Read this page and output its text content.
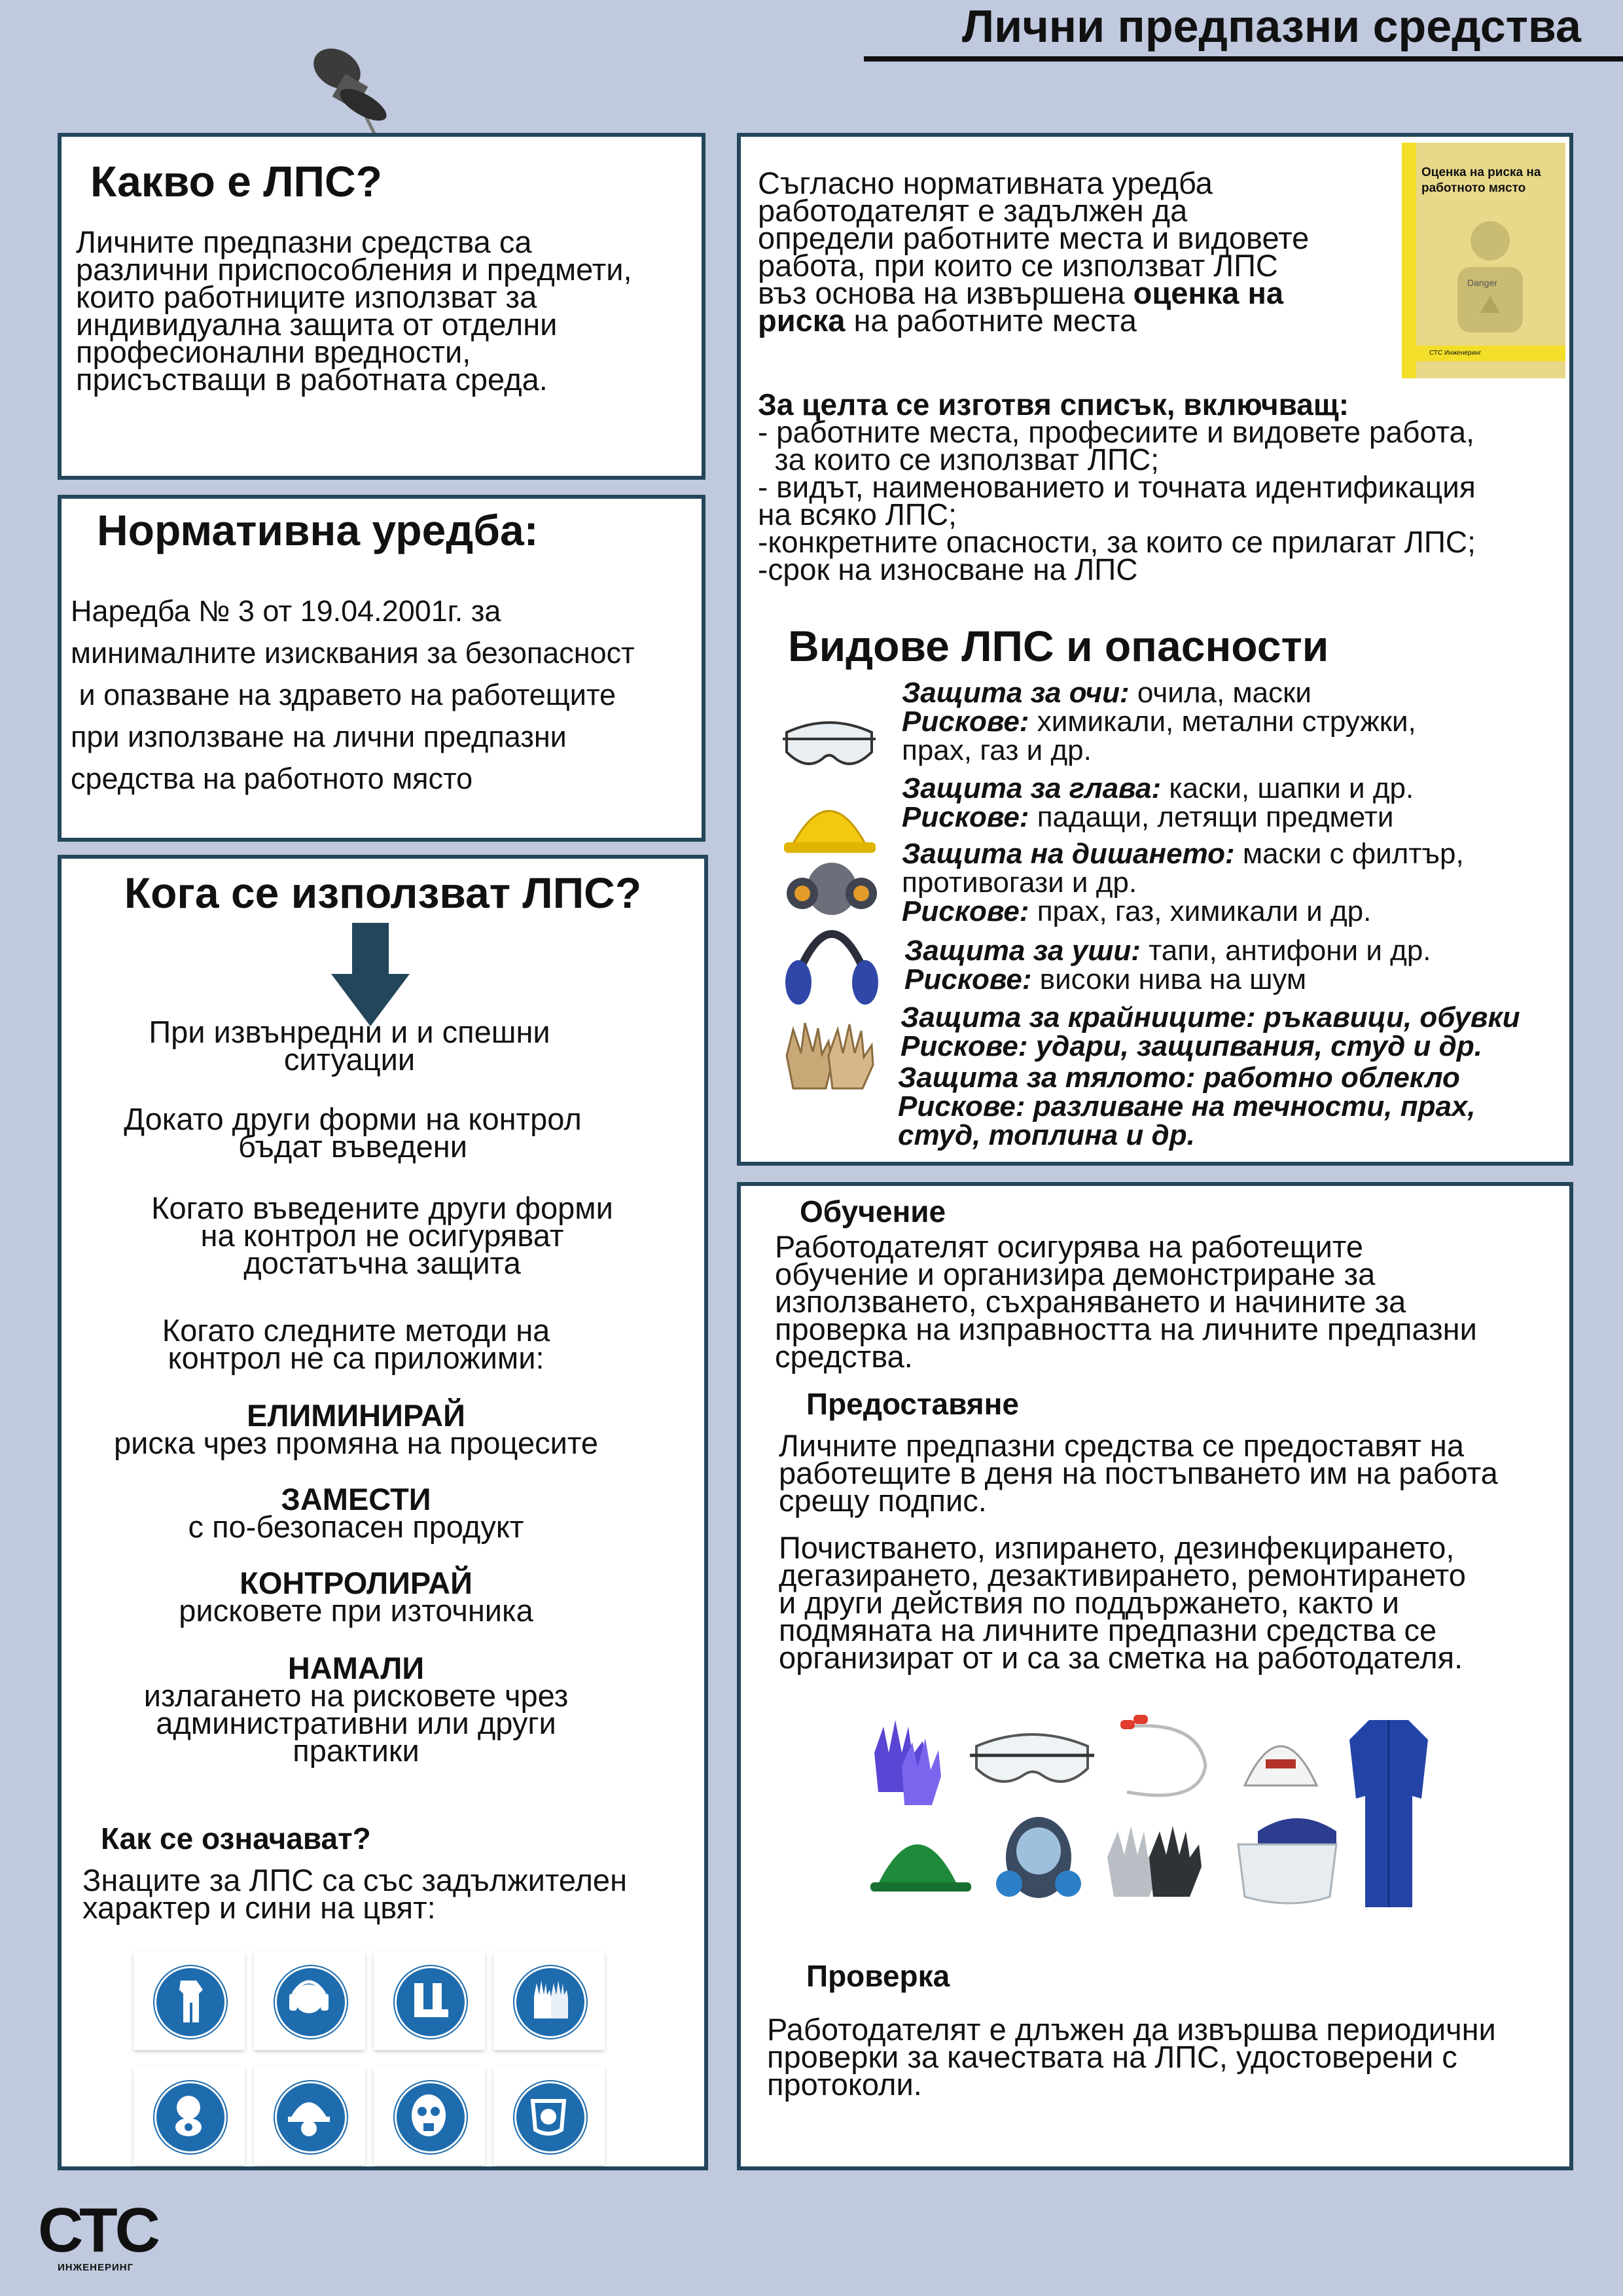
Лични предпазни средства
Какво е ЛПС?
Личните предпазни средства са
различни приспособления и предмети,
които работниците използват за
индивидуална защита от отделни
професионални вредности,
присъстващи в работната среда.
Нормативна уредба:
Наредба № 3 от 19.04.2001г. за
минималните изисквания за безопасност
и опазване на здравето на работещите
при използване на лични предпазни
средства на работното място
Кога се използват ЛПС?
При извънредни и и спешни
ситуации
Докато други форми на контрол
бъдат въведени
Когато въведените други форми
на контрол не осигуряват
достатъчна защита
Когато следните методи на
контрол не са приложими:
ЕЛИМИНИРАЙ
риска чрез промяна на процесите
ЗАМЕСТИ
с по-безопасен продукт
КОНТРОЛИРАЙ
рисковете при източника
НАМАЛИ
излагането на рисковете чрез
административни или други
практики
Как се означават?
Знаците за ЛПС са със задължителен
характер и сини на цвят:
Съгласно нормативната уредба
работодателят е задължен да
определи работните места и видовете
работа, при които се използват ЛПС
въз основа на извършена оценка на
риска на работните места
Оценка на риска на работното място
Danger
СТС Инженеринг
За целта се изготвя списък, включващ:
- работните места, професиите и видовете работа,
за които се използват ЛПС;
- видът, наименованието и точната идентификация
на всяко ЛПС;
-конкретните опасности, за които се прилагат ЛПС;
-срок на износване на ЛПС
Видове ЛПС и опасности
Защита за очи: очила, маски
Рискове: химикали, метални стружки,
прах, газ и др.
Защита за глава: каски, шапки и др.
Рискове: падащи, летящи предмети
Защита на дишането: маски с филтър,
противогази и др.
Рискове: прах, газ, химикали и др.
Защита за уши: тапи, антифони и др.
Рискове: високи нива на шум
Защита за крайниците: ръкавици, обувки
Рискове: удари, защипвания, студ и др.
Защита за тялото: работно облекло
Рискове: разливане на течности, прах,
студ, топлина и др.
Обучение
Работодателят осигурява на работещите
обучение и организира демонстриране за
използването, съхраняването и начините за
проверка на изправността на личните предпазни
средства.
Предоставяне
Личните предпазни средства се предоставят на
работещите в деня на постъпването им на работа
срещу подпис.
Почистването, изпирането, дезинфекцирането,
дегазирането, дезактивирането, ремонтирането
и други действия по поддържането, както и
подмяната на личните предпазни средства се
организират от и са за сметка на работодателя.
Проверка
Работодателят е длъжен да извършва периодични
проверки за качествата на ЛПС, удостоверени с
протоколи.
СТС
ИНЖЕНЕРИНГ
